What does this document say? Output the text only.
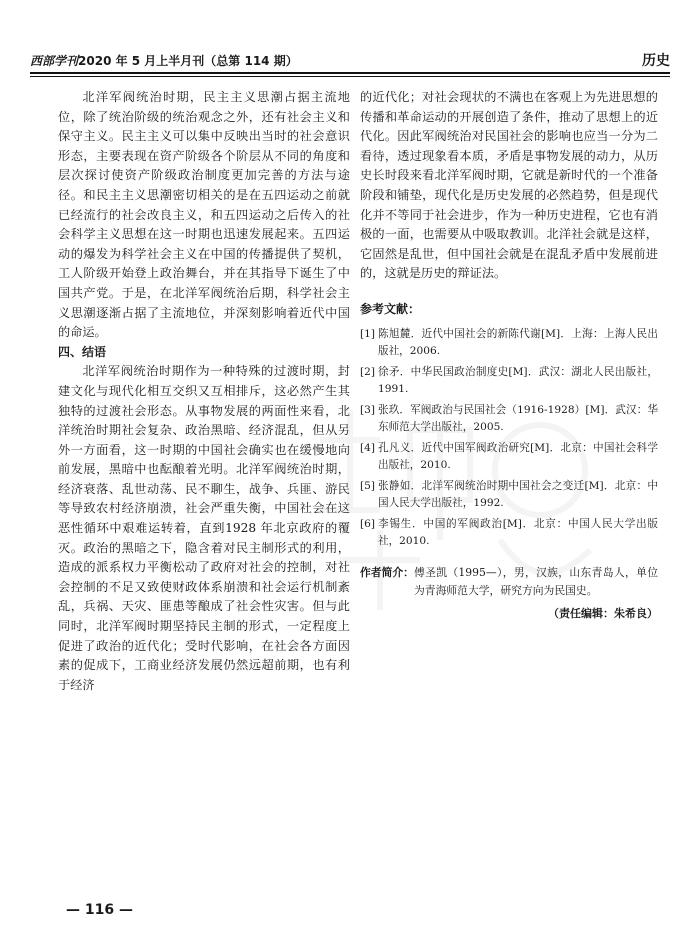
西部学刊2020 年 5 月上半月刊（总第 114 期）	历史

北洋军阀统治时期，民主主义思潮占据主流地位，除了统治阶级的统治观念之外，还有社会主义和保守主义。民主主义可以集中反映出当时的社会意识形态，主要表现在资产阶级各个阶层从不同的角度和层次探讨使资产阶级政治制度更加完善的方法与途径。和民主主义思潮密切相关的是在五四运动之前就已经流行的社会改良主义，和五四运动之后传入的社会科学主义思想在这一时期也迅速发展起来。五四运动的爆发为科学社会主义在中国的传播提供了契机，工人阶级开始登上政治舞台，并在其指导下诞生了中国共产党。于是，在北洋军阀统治后期，科学社会主义思潮逐渐占据了主流地位，并深刻影响着近代中国的命运。

四、结语

北洋军阀统治时期作为一种特殊的过渡时期，封建文化与现代化相互交织又互相排斥，这必然产生其独特的过渡社会形态。从事物发展的两面性来看，北洋统治时期社会复杂、政治黑暗、经济混乱，但从另外一方面看，这一时期的中国社会确实也在缓慢地向前发展，黑暗中也酝酿着光明。北洋军阀统治时期，经济衰落、乱世动荡、民不聊生，战争、兵匪、游民等导致农村经济崩溃，社会严重失衡，中国社会在这恶性循环中艰难运转着，直到1928 年北京政府的覆灭。政治的黑暗之下，隐含着对民主制形式的利用，造成的派系权力平衡松动了政府对社会的控制，对社会控制的不足又致使财政体系崩溃和社会运行机制紊乱，兵祸、天灾、匪患等酿成了社会性灾害。但与此同时，北洋军阀时期坚持民主制的形式，一定程度上促进了政治的近代化；受时代影响，在社会各方面因素的促成下，工商业经济发展仍然远超前期，也有利于经济

的近代化；对社会现状的不满也在客观上为先进思想的传播和革命运动的开展创造了条件，推动了思想上的近代化。因此军阀统治对民国社会的影响也应当一分为二看待，透过现象看本质，矛盾是事物发展的动力，从历史长时段来看北洋军阀时期，它就是新时代的一个准备阶段和铺垫，现代化是历史发展的必然趋势，但是现代化并不等同于社会进步，作为一种历史进程，它也有消极的一面，也需要从中吸取教训。北洋社会就是这样，它固然是乱世，但中国社会就是在混乱矛盾中发展前进的，这就是历史的辩证法。

参考文献：
[1] 陈旭麓．近代中国社会的新陈代谢[M]．上海：上海人民出版社，2006.
[2] 徐矛．中华民国政治制度史[M]．武汉：湖北人民出版社，1991.
[3] 张玖．军阀政治与民国社会（1916-1928）[M]．武汉：华东师范大学出版社，2005.
[4] 孔凡义．近代中国军阀政治研究[M]．北京：中国社会科学出版社，2010.
[5] 张静如．北洋军阀统治时期中国社会之变迁[M]．北京：中国人民大学出版社，1992.
[6] 李锡生．中国的军阀政治[M]．北京：中国人民大学出版社，2010.
作者简介： 傅圣凯（1995—），男，汉族，山东青岛人，单位为青海师范大学，研究方向为民国史。
（责任编辑：朱希良）
— 116 —
